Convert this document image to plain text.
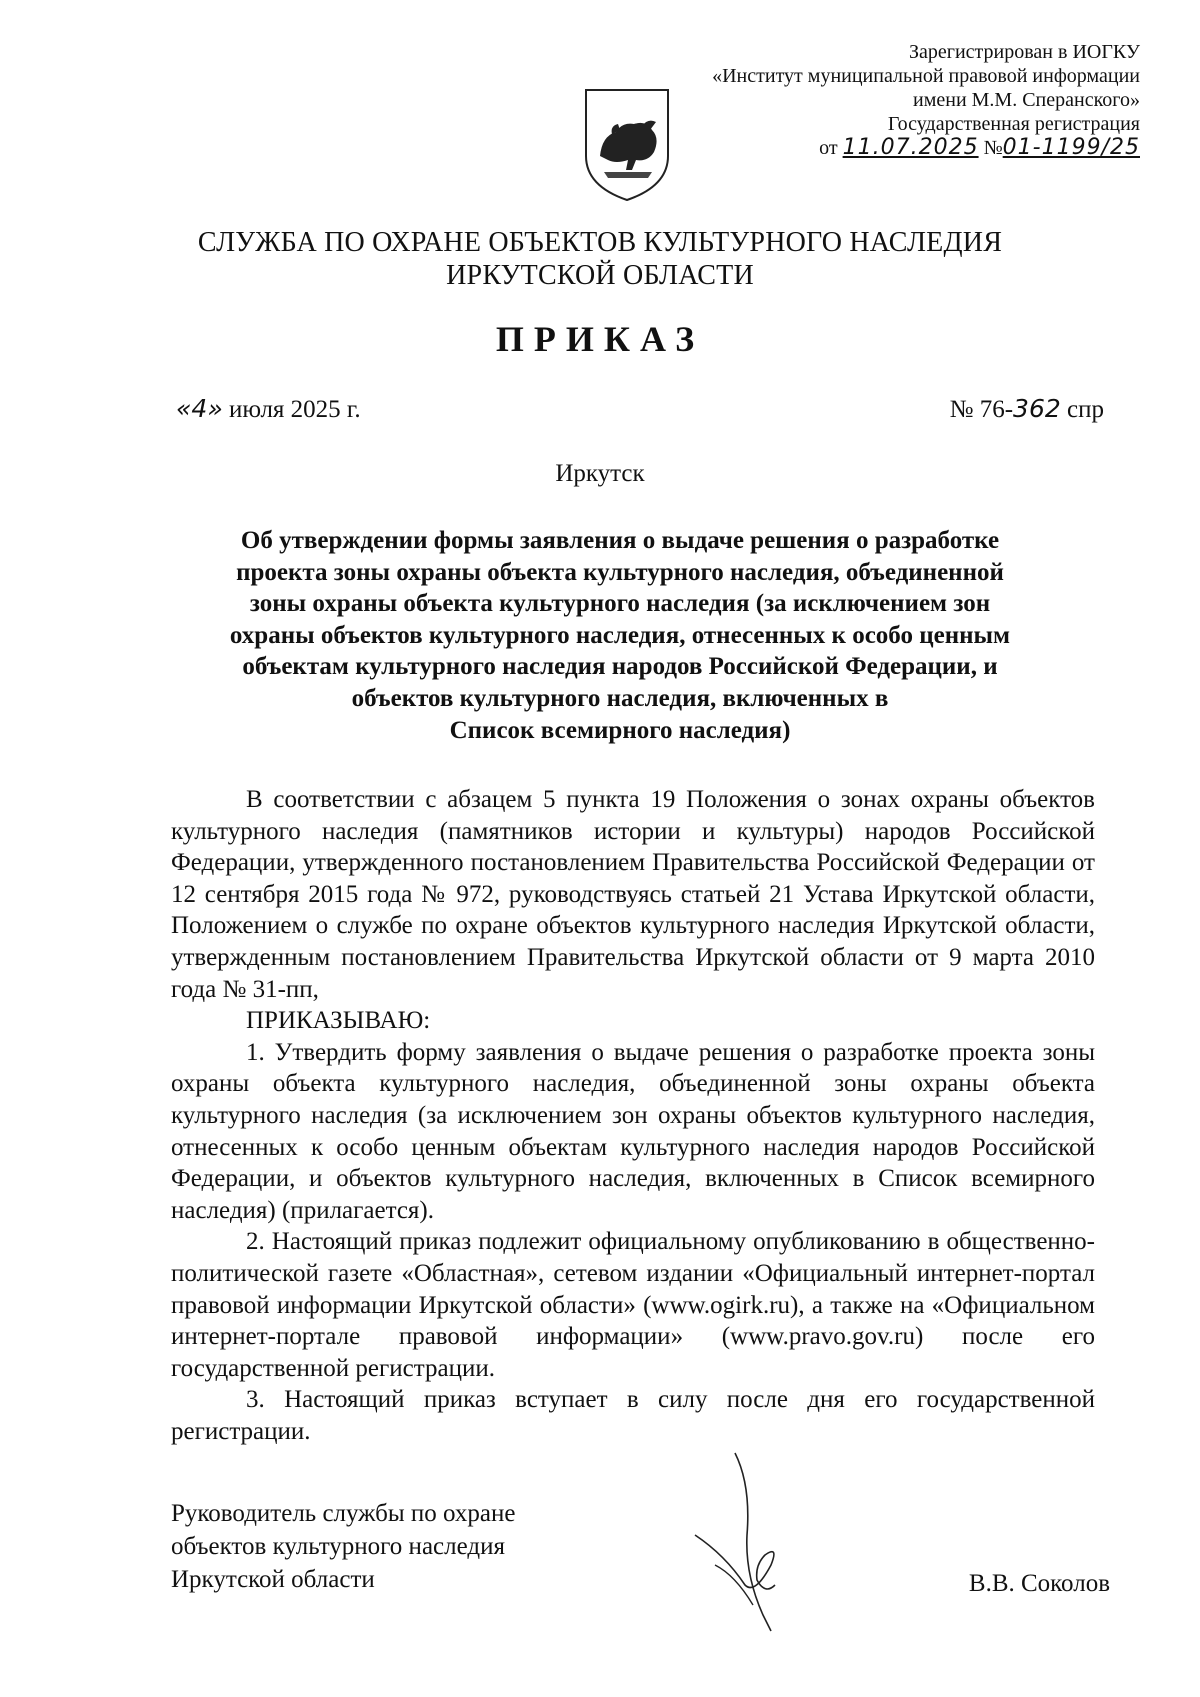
Зарегистрирован в ИОГКУ
«Институт муниципальной правовой информации
имени М.М. Сперанского»
Государственная регистрация
от 11.07.2025 №01-1199/25
СЛУЖБА ПО ОХРАНЕ ОБЪЕКТОВ КУЛЬТУРНОГО НАСЛЕДИЯ
ИРКУТСКОЙ ОБЛАСТИ
ПРИКАЗ
«4» июля 2025 г.	№ 76-362 спр
Иркутск
Об утверждении формы заявления о выдаче решения о разработке
проекта зоны охраны объекта культурного наследия, объединенной
зоны охраны объекта культурного наследия (за исключением зон
охраны объектов культурного наследия, отнесенных к особо ценным
объектам культурного наследия народов Российской Федерации, и
объектов культурного наследия, включенных в
Список всемирного наследия)

В соответствии с абзацем 5 пункта 19 Положения о зонах охраны объектов культурного наследия (памятников истории и культуры) народов Российской Федерации, утвержденного постановлением Правительства Российской Федерации от 12 сентября 2015 года № 972, руководствуясь статьей 21 Устава Иркутской области, Положением о службе по охране объектов культурного наследия Иркутской области, утвержденным постановлением Правительства Иркутской области от 9 марта 2010 года № 31-пп,

ПРИКАЗЫВАЮ:

1. Утвердить форму заявления о выдаче решения о разработке проекта зоны охраны объекта культурного наследия, объединенной зоны охраны объекта культурного наследия (за исключением зон охраны объектов культурного наследия, отнесенных к особо ценным объектам культурного наследия народов Российской Федерации, и объектов культурного наследия, включенных в Список всемирного наследия) (прилагается).

2. Настоящий приказ подлежит официальному опубликованию в общественно-политической газете «Областная», сетевом издании «Официальный интернет-портал правовой информации Иркутской области» (www.ogirk.ru), а также на «Официальном интернет-портале правовой информации» (www.pravo.gov.ru) после его государственной регистрации.

3. Настоящий приказ вступает в силу после дня его государственной регистрации.

Руководитель службы по охране
объектов культурного наследия
Иркутской области	В.В. Соколов
